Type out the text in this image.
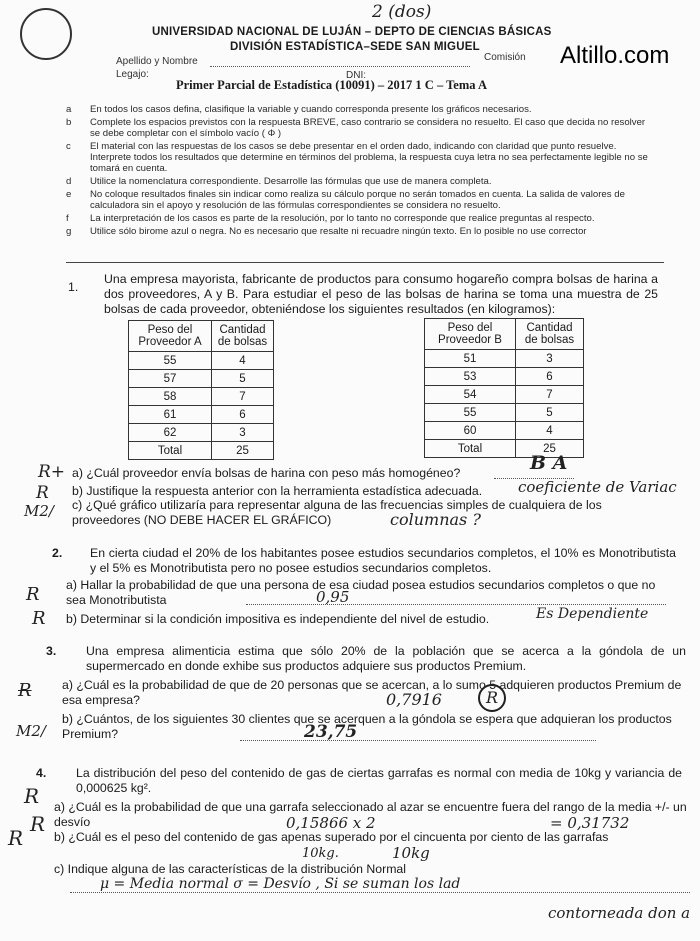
2 (dos)
Altillo.com
UNIVERSIDAD NACIONAL DE LUJÁN – DEPTO DE CIENCIAS BÁSICAS
DIVISIÓN ESTADÍSTICA–SEDE SAN MIGUEL
Apellido y Nombre	Comisión
Legajo:	DNI:
Primer Parcial de Estadística (10091) – 2017 1 C – Tema A
a	En todos los casos defina, clasifique la variable y cuando corresponda presente los gráficos necesarios.
b	Complete los espacios previstos con la respuesta BREVE, caso contrario se considera no resuelto. El caso que decida no resolver se debe completar con el símbolo vacío ( Φ )
c	El material con las respuestas de los casos se debe presentar en el orden dado, indicando con claridad que punto resuelve. Interprete todos los resultados que determine en términos del problema, la respuesta cuya letra no sea perfectamente legible no se tomará en cuenta.
d	Utilice la nomenclatura correspondiente. Desarrolle las fórmulas que use de manera completa.
e	No coloque resultados finales sin indicar como realiza su cálculo porque no serán tomados en cuenta. La salida de valores de calculadora sin el apoyo y resolución de las fórmulas correspondientes se considera no resuelto.
f	La interpretación de los casos es parte de la resolución, por lo tanto no corresponde que realice preguntas al respecto.
g	Utilice sólo birome azul o negra. No es necesario que resalte ni recuadre ningún texto. En lo posible no use corrector
1.
Una empresa mayorista, fabricante de productos para consumo hogareño compra bolsas de harina a dos proveedores, A y B. Para estudiar el peso de las bolsas de harina se toma una muestra de 25 bolsas de cada proveedor, obteniéndose los siguientes resultados (en kilogramos):
Peso del Proveedor A	Cantidad de bolsas
55	4
57	5
58	7
61	6
62	3
Total	25
Peso del Proveedor B	Cantidad de bolsas
51	3
53	6
54	7
55	5
60	4
Total	25
R+
R
M2/
a) ¿Cuál proveedor envía bolsas de harina con peso más homogéneo?	B A
b) Justifique la respuesta anterior con la herramienta estadística adecuada. coeficiente de Variac
c) ¿Qué gráfico utilizaría para representar alguna de las frecuencias simples de cualquiera de los proveedores (NO DEBE HACER EL GRÁFICO)	columnas ?
2. En cierta ciudad el 20% de los habitantes posee estudios secundarios completos, el 10% es Monotributista y el 5% es Monotributista pero no posee estudios secundarios completos.
R
R
a) Hallar la probabilidad de que una persona de esa ciudad posea estudios secundarios completos o que no sea Monotributista	0,95
b) Determinar si la condición impositiva es independiente del nivel de estudio.	Es Dependiente
3. Una empresa alimenticia estima que sólo 20% de la población que se acerca a la góndola de un supermercado en donde exhibe sus productos adquiere sus productos Premium.
R
M2/
a) ¿Cuál es la probabilidad de que de 20 personas que se acercan, a lo sumo 5 adquieren productos Premium de esa empresa?	0,7916	R
b) ¿Cuántos, de los siguientes 30 clientes que se acerquen a la góndola se espera que adquieran los productos Premium?	23,75
4. La distribución del peso del contenido de gas de ciertas garrafas es normal con media de 10kg y variancia de 0,000625 kg².
R
R
R
a) ¿Cuál es la probabilidad de que una garrafa seleccionado al azar se encuentre fuera del rango de la media +/- un desvío	0,15866 x 2	= 0,31732
b) ¿Cuál es el peso del contenido de gas apenas superado por el cincuenta por ciento de las garrafas
10kg.	10kg
c) Indique alguna de las características de la distribución Normal
μ = Media normal σ = Desvío , Si se suman los lad
contorneada don a
